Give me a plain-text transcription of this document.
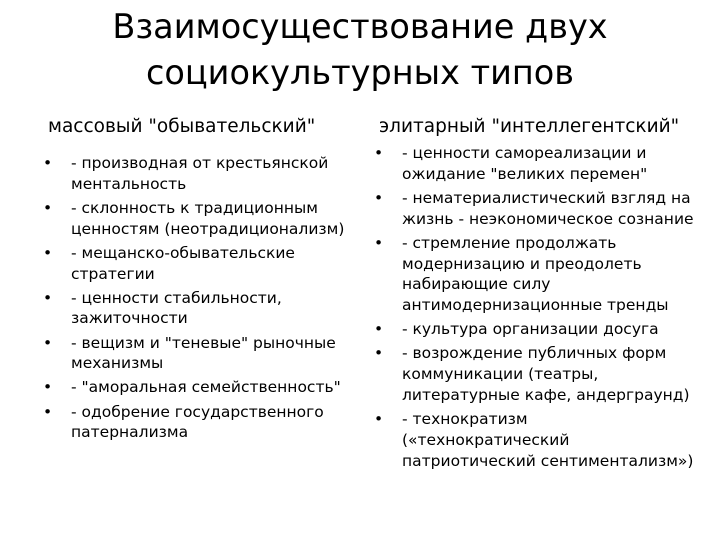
Взаимосуществование двух
социокультурных типов
массовый "обывательский"	элитарный "интеллегентский"
• - производная от крестьянской ментальность
• - склонность к традиционным ценностям (неотрадиционализм)
• - мещанско-обывательские стратегии
• - ценности стабильности, зажиточности
• - вещизм и "теневые" рыночные механизмы
• - "аморальная семейственность"
• - одобрение государственного патернализма
• - ценности самореализации и ожидание "великих перемен"
• - нематериалистический взгляд на жизнь - неэкономическое сознание
• - стремление продолжать модернизацию и преодолеть набирающие силу антимодернизационные тренды
• - культура организации досуга
• - возрождение публичных форм коммуникации (театры, литературные кафе, андерграунд)
• - технократизм («технократический патриотический сентиментализм»)
